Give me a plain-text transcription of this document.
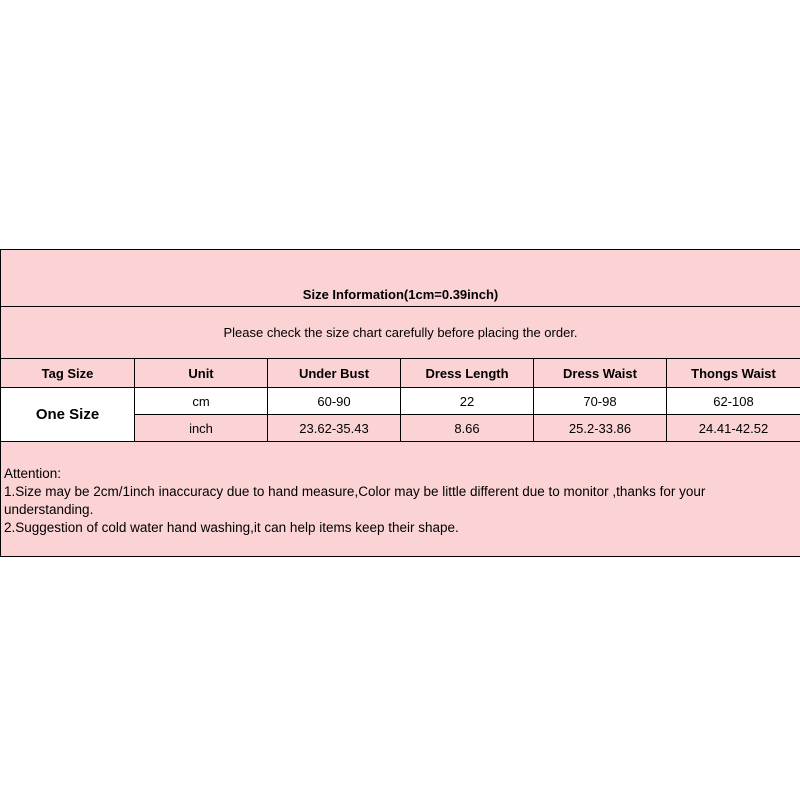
Size Information(1cm=0.39inch)					
Please check the size chart carefully before placing the order.					
Tag Size	Unit	Under Bust	Dress Length	Dress Waist	Thongs Waist
One Size	cm	60-90	22	70-98	62-108
	inch	23.62-35.43	8.66	25.2-33.86	24.41-42.52

Attention:
1.Size may be 2cm/1inch inaccuracy due to hand measure,Color may be little different due to monitor ,thanks for your understanding.
2.Suggestion of cold water hand washing,it can help items keep their shape.					
